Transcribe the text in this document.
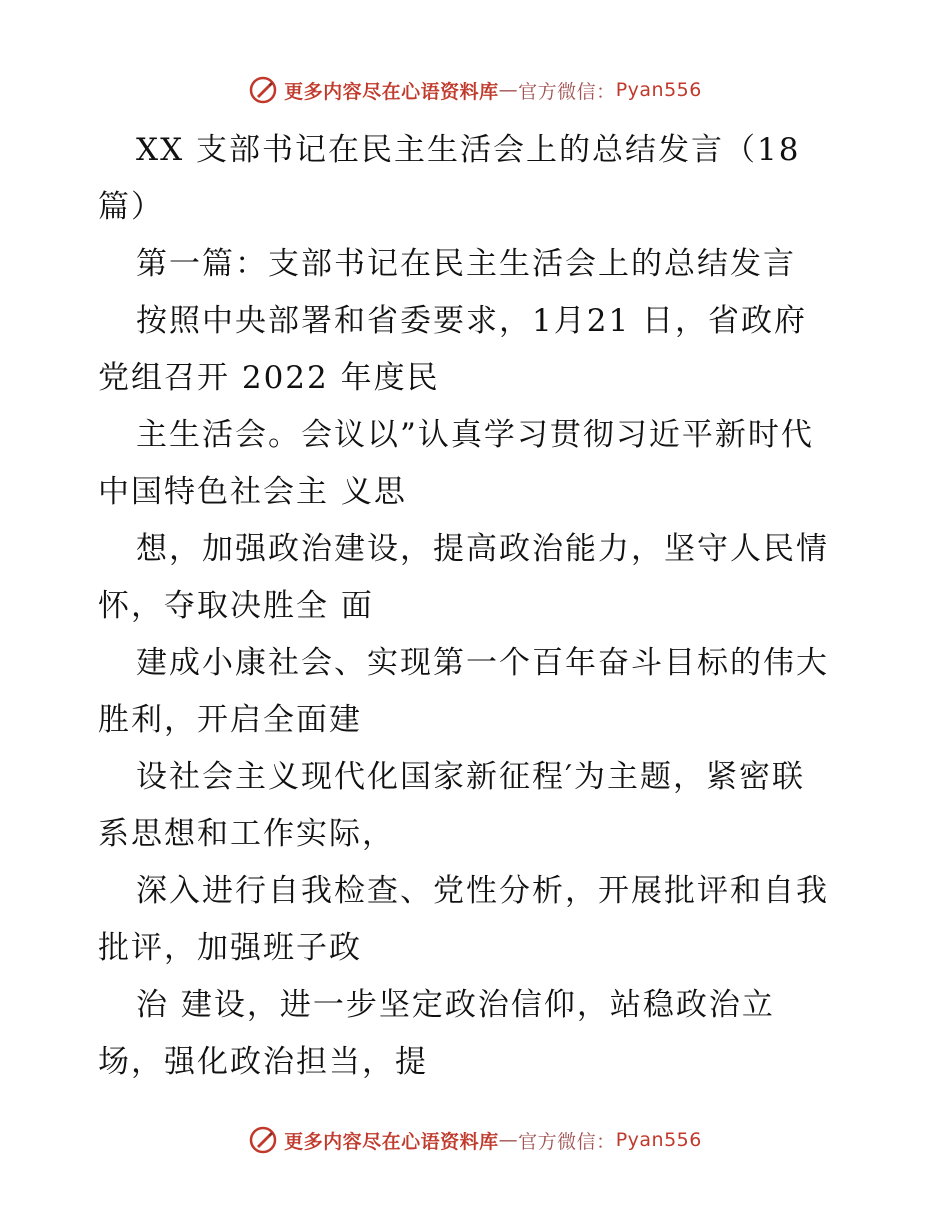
更多内容尽在心语资料库 — 官方微信： Pyan556

XX 支部书记在民主生活会上的总结发言（18

篇）

第一篇：支部书记在民主生活会上的总结发言

按照中央部署和省委要求，1月21 日，省政府

党组召开 2022 年度民

主生活会。会议以”认真学习贯彻习近平新时代

中国特色社会主 义思

想，加强政治建设，提高政治能力，坚守人民情

怀，夺取决胜全 面

建成小康社会、实现第一个百年奋斗目标的伟大

胜利，开启全面建

设社会主义现代化国家新征程′为主题，紧密联

系思想和工作实际，

深入进行自我检查、党性分析，开展批评和自我

批评，加强班子政

治 建设，进一步坚定政治信仰，站稳政治立

场，强化政治担当，提

更多内容尽在心语资料库 — 官方微信： Pyan556
